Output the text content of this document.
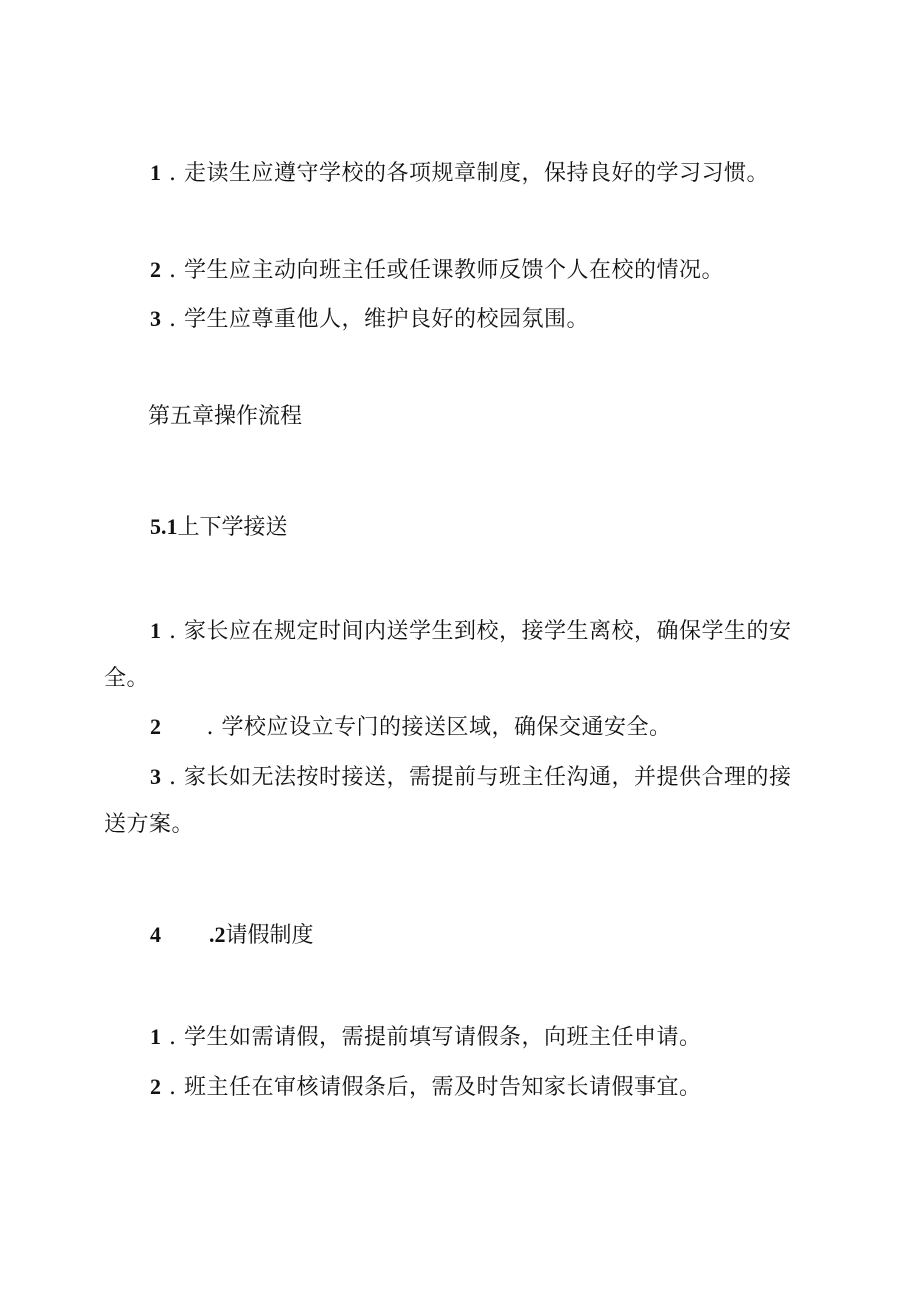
1 . 走读生应遵守学校的各项规章制度，保持良好的学习习惯。
2 . 学生应主动向班主任或任课教师反馈个人在校的情况。
3 . 学生应尊重他人，维护良好的校园氛围。
第五章操作流程
5.1上下学接送
1 . 家长应在规定时间内送学生到校，接学生离校，确保学生的安
全。
2      . 学校应设立专门的接送区域，确保交通安全。
3 . 家长如无法按时接送，需提前与班主任沟通，并提供合理的接
送方案。
4 .2请假制度
1 . 学生如需请假，需提前填写请假条，向班主任申请。
2 . 班主任在审核请假条后，需及时告知家长请假事宜。
